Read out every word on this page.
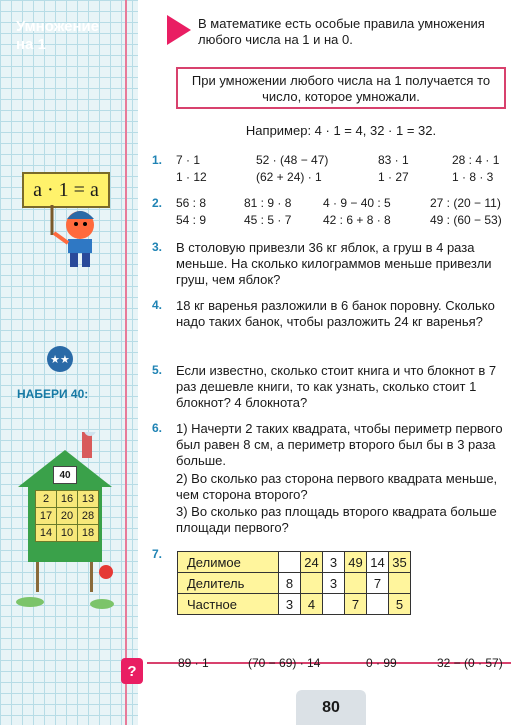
Умножение
на 1
a · 1 = a
★★
НАБЕРИ 40:
40
2	16 13
17 20 28
14 10 18
В математике есть особые правила умножения любого числа на 1 и на 0.
При умножении любого числа на 1 получается то число, которое умножали.
Например: 4 · 1 = 4, 32 · 1 = 32.
1. 7 · 1	52 · (48 − 47)	83 · 1	28 : 4 · 1
1 · 12	(62 + 24) · 1	1 · 27	1 · 8 · 3
2. 56 : 8	81 : 9 · 8	4 · 9 − 40 : 5	27 : (20 − 11)
54 : 9	45 : 5 · 7	42 : 6 + 8 · 8	49 : (60 − 53)
3. В столовую привезли 36 кг яблок, а груш в 4 раза меньше. На сколько килограммов меньше привезли груш, чем яблок?
4. 18 кг варенья разложили в 6 банок поровну. Сколько надо таких банок, чтобы разложить 24 кг варенья?
5. Если известно, сколько стоит книга и что блокнот в 7 раз дешевле книги, то как узнать, сколько стоит 1 блокнот? 4 блокнота?
6. 1) Начерти 2 таких квадрата, чтобы периметр первого был равен 8 см, а периметр второго был бы в 3 раза больше.
2) Во сколько раз сторона первого квадрата меньше, чем сторона второго?
3) Во сколько раз площадь второго квадрата больше площади первого?
7.
Делимое		24	3	49	14	35
Делитель	8		3		7	
Частное	3	4		7		5
?	89 · 1	(70 − 69) · 14	0 · 99	32 − (0 · 57)
80
